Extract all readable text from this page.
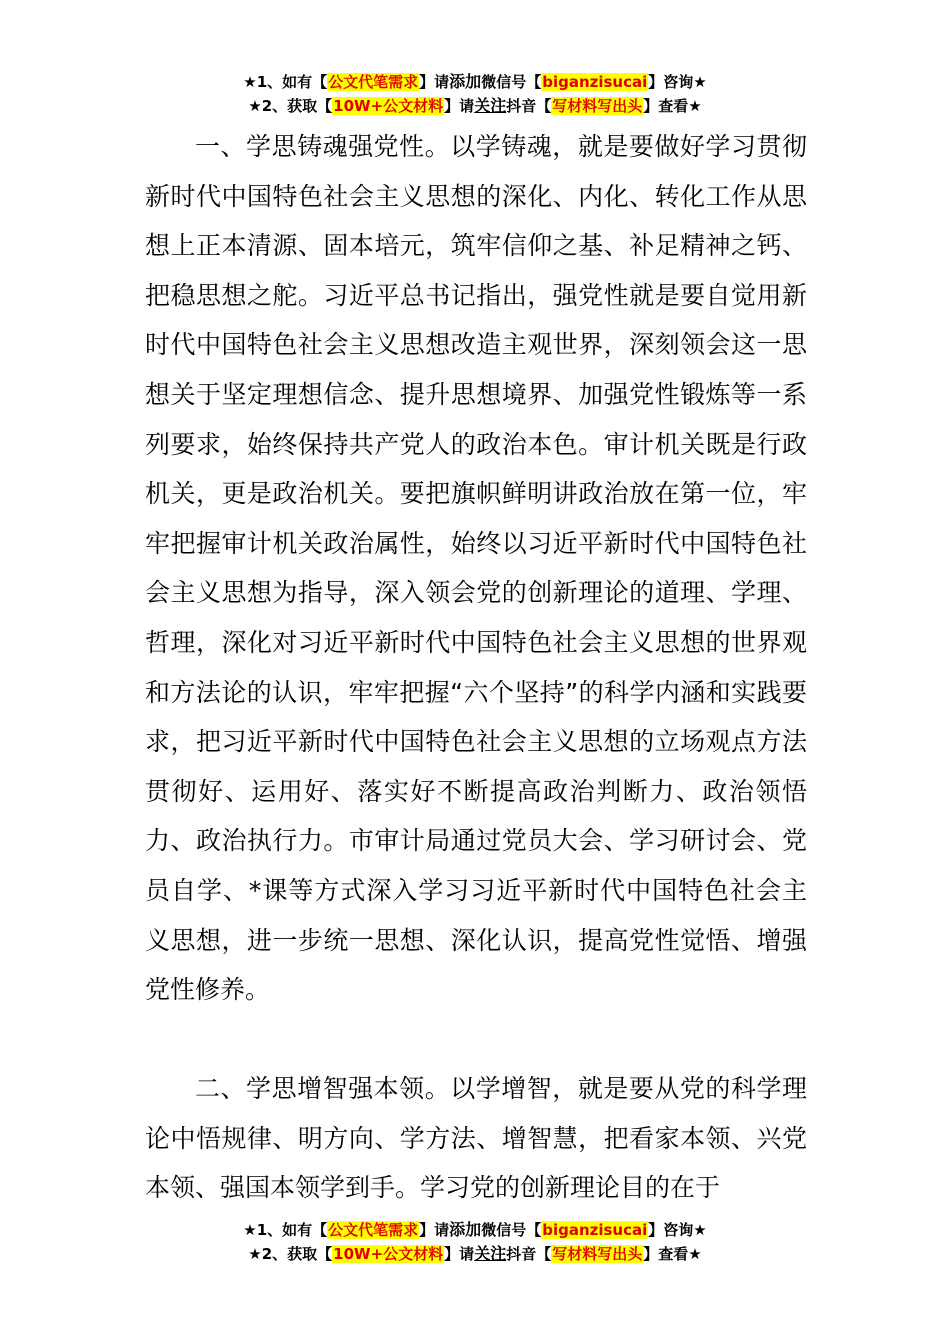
★1、如有【公文代笔需求】请添加微信号【biganzisucai】咨询★
★2、获取【10W+公文材料】请关注抖音【写材料写出头】查看★

一、学思铸魂强党性。以学铸魂，就是要做好学习贯彻新时代中国特色社会主义思想的深化、内化、转化工作从思想上正本清源、固本培元，筑牢信仰之基、补足精神之钙、把稳思想之舵。习近平总书记指出，强党性就是要自觉用新时代中国特色社会主义思想改造主观世界，深刻领会这一思想关于坚定理想信念、提升思想境界、加强党性锻炼等一系列要求，始终保持共产党人的政治本色。审计机关既是行政机关，更是政治机关。要把旗帜鲜明讲政治放在第一位，牢牢把握审计机关政治属性，始终以习近平新时代中国特色社会主义思想为指导，深入领会党的创新理论的道理、学理、哲理，深化对习近平新时代中国特色社会主义思想的世界观和方法论的认识，牢牢把握“六个坚持”的科学内涵和实践要求，把习近平新时代中国特色社会主义思想的立场观点方法贯彻好、运用好、落实好不断提高政治判断力、政治领悟力、政治执行力。市审计局通过党员大会、学习研讨会、党员自学、*课等方式深入学习习近平新时代中国特色社会主义思想，进一步统一思想、深化认识，提高党性觉悟、增强党性修养。

二、学思增智强本领。以学增智，就是要从党的科学理论中悟规律、明方向、学方法、增智慧，把看家本领、兴党本领、强国本领学到手。学习党的创新理论目的在于

★1、如有【公文代笔需求】请添加微信号【biganzisucai】咨询★
★2、获取【10W+公文材料】请关注抖音【写材料写出头】查看★
